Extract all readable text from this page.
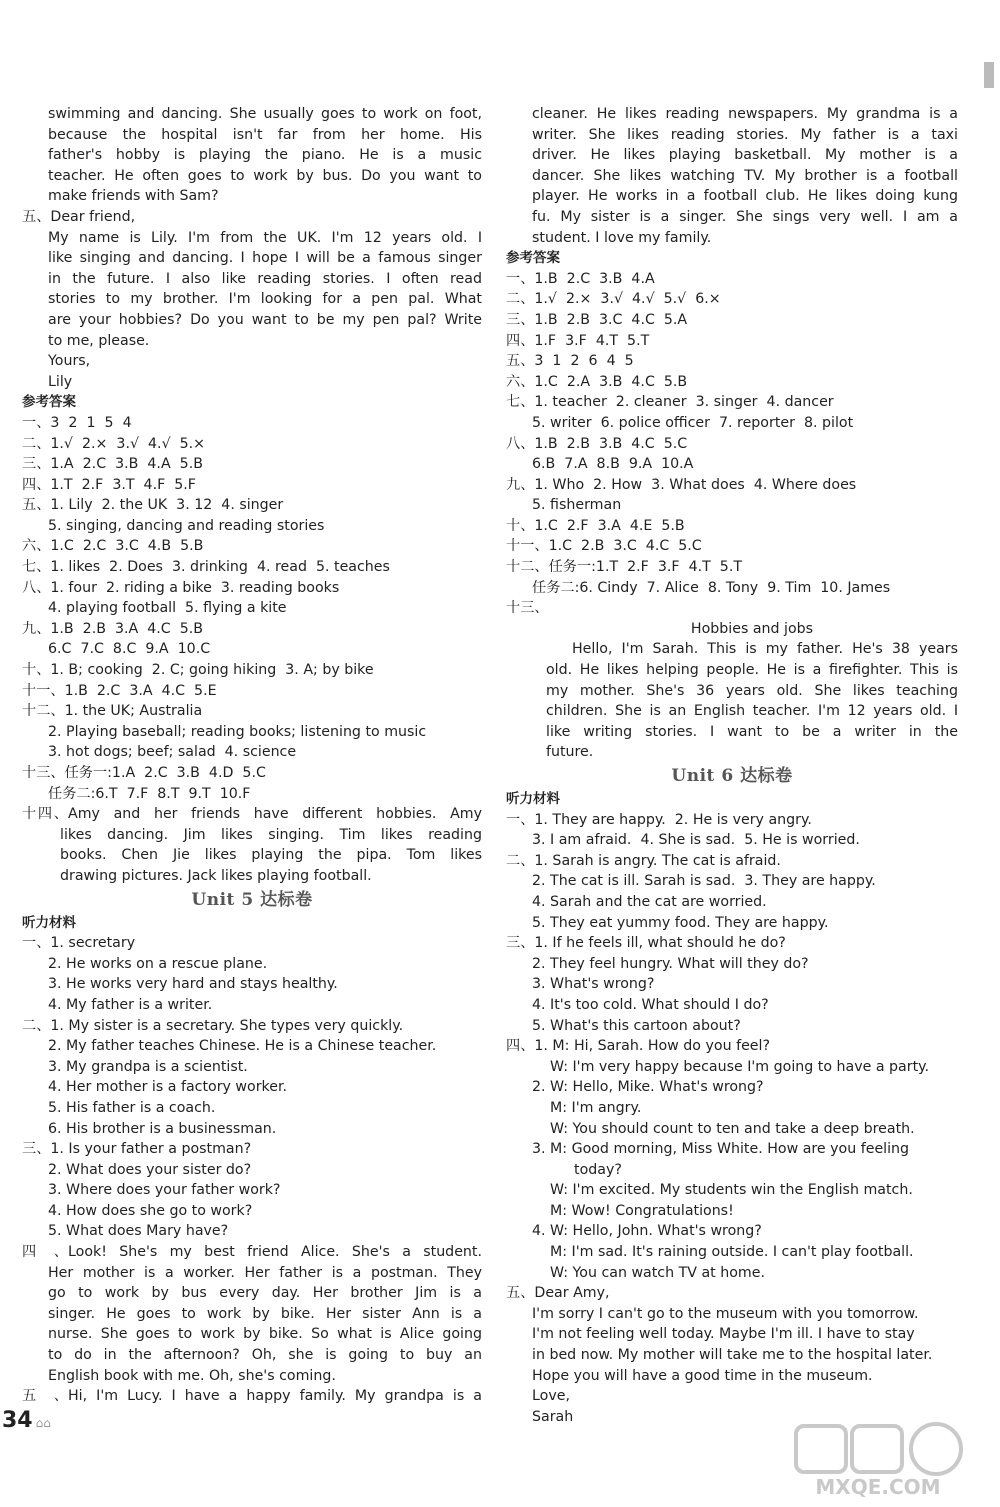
swimming and dancing. She usually goes to work on foot,
because the hospital isn't far from her home. His
father's hobby is playing the piano. He is a music
teacher. He often goes to work by bus. Do you want to
make friends with Sam?
五、Dear friend,
My name is Lily. I'm from the UK. I'm 12 years old. I
like singing and dancing. I hope I will be a famous singer
in the future. I also like reading stories. I often read
stories to my brother. I'm looking for a pen pal. What
are your hobbies? Do you want to be my pen pal? Write
to me, please.
Yours,
Lily
参考答案
一、3  2  1  5  4
二、1.√  2.×  3.√  4.√  5.×
三、1.A  2.C  3.B  4.A  5.B
四、1.T  2.F  3.T  4.F  5.F
五、1. Lily  2. the UK  3. 12  4. singer
5. singing, dancing and reading stories
六、1.C  2.C  3.C  4.B  5.B
七、1. likes  2. Does  3. drinking  4. read  5. teaches
八、1. four  2. riding a bike  3. reading books
4. playing football  5. flying a kite
九、1.B  2.B  3.A  4.C  5.B
6.C  7.C  8.C  9.A  10.C
十、1. B; cooking  2. C; going hiking  3. A; by bike
十一、1.B  2.C  3.A  4.C  5.E
十二、1. the UK; Australia
2. Playing baseball; reading books; listening to music
3. hot dogs; beef; salad  4. science
十三、任务一:1.A  2.C  3.B  4.D  5.C
任务二:6.T  7.F  8.T  9.T  10.F
十四、Amy and her friends have different hobbies. Amy
likes dancing. Jim likes singing. Tim likes reading
books. Chen Jie likes playing the pipa. Tom likes
drawing pictures. Jack likes playing football.
Unit 5 达标卷
听力材料
一、1. secretary
2. He works on a rescue plane.
3. He works very hard and stays healthy.
4. My father is a writer.
二、1. My sister is a secretary. She types very quickly.
2. My father teaches Chinese. He is a Chinese teacher.
3. My grandpa is a scientist.
4. Her mother is a factory worker.
5. His father is a coach.
6. His brother is a businessman.
三、1. Is your father a postman?
2. What does your sister do?
3. Where does your father work?
4. How does she go to work?
5. What does Mary have?
四、Look! She's my best friend Alice. She's a student.
Her mother is a worker. Her father is a postman. They
go to work by bus every day. Her brother Jim is a
singer. He goes to work by bike. Her sister Ann is a
nurse. She goes to work by bike. So what is Alice going
to do in the afternoon? Oh, she is going to buy an
English book with me. Oh, she's coming.
五、Hi, I'm Lucy. I have a happy family. My grandpa is a
cleaner. He likes reading newspapers. My grandma is a
writer. She likes reading stories. My father is a taxi
driver. He likes playing basketball. My mother is a
dancer. She likes watching TV. My brother is a football
player. He works in a football club. He likes doing kung
fu. My sister is a singer. She sings very well. I am a
student. I love my family.
参考答案
一、1.B  2.C  3.B  4.A
二、1.√  2.×  3.√  4.√  5.√  6.×
三、1.B  2.B  3.C  4.C  5.A
四、1.F  3.F  4.T  5.T
五、3  1  2  6  4  5
六、1.C  2.A  3.B  4.C  5.B
七、1. teacher  2. cleaner  3. singer  4. dancer
5. writer  6. police officer  7. reporter  8. pilot
八、1.B  2.B  3.B  4.C  5.C
6.B  7.A  8.B  9.A  10.A
九、1. Who  2. How  3. What does  4. Where does
5. fisherman
十、1.C  2.F  3.A  4.E  5.B
十一、1.C  2.B  3.C  4.C  5.C
十二、任务一:1.T  2.F  3.F  4.T  5.T
任务二:6. Cindy  7. Alice  8. Tony  9. Tim  10. James
十三、
Hobbies and jobs
Hello, I'm Sarah. This is my father. He's 38 years
old. He likes helping people. He is a firefighter. This is
my mother. She's 36 years old. She likes teaching
children. She is an English teacher. I'm 12 years old. I
like writing stories. I want to be a writer in the
future.
Unit 6 达标卷
听力材料
一、1. They are happy.  2. He is very angry.
3. I am afraid.  4. She is sad.  5. He is worried.
二、1. Sarah is angry. The cat is afraid.
2. The cat is ill. Sarah is sad.  3. They are happy.
4. Sarah and the cat are worried.
5. They eat yummy food. They are happy.
三、1. If he feels ill, what should he do?
2. They feel hungry. What will they do?
3. What's wrong?
4. It's too cold. What should I do?
5. What's this cartoon about?
四、1. M: Hi, Sarah. How do you feel?
W: I'm very happy because I'm going to have a party.
2. W: Hello, Mike. What's wrong?
M: I'm angry.
W: You should count to ten and take a deep breath.
3. M: Good morning, Miss White. How are you feeling
today?
W: I'm excited. My students win the English match.
M: Wow! Congratulations!
4. W: Hello, John. What's wrong?
M: I'm sad. It's raining outside. I can't play football.
W: You can watch TV at home.
五、Dear Amy,
I'm sorry I can't go to the museum with you tomorrow.
I'm not feeling well today. Maybe I'm ill. I have to stay
in bed now. My mother will take me to the hospital later.
Hope you will have a good time in the museum.
Love,
Sarah
34 ⌂⌂
MXQE.COM
